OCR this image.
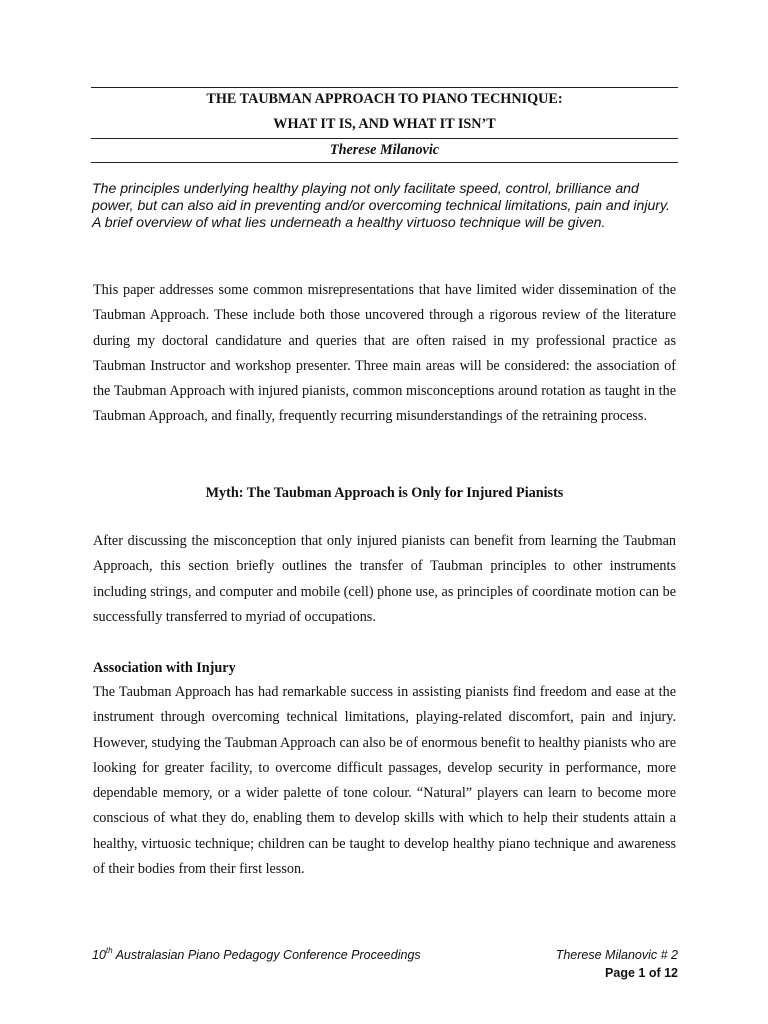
THE TAUBMAN APPROACH TO PIANO TECHNIQUE:
WHAT IT IS, AND WHAT IT ISN’T
Therese Milanovic
The principles underlying healthy playing not only facilitate speed, control, brilliance and power, but can also aid in preventing and/or overcoming technical limitations, pain and injury. A brief overview of what lies underneath a healthy virtuoso technique will be given.
This paper addresses some common misrepresentations that have limited wider dissemination of the Taubman Approach. These include both those uncovered through a rigorous review of the literature during my doctoral candidature and queries that are often raised in my professional practice as Taubman Instructor and workshop presenter. Three main areas will be considered: the association of the Taubman Approach with injured pianists, common misconceptions around rotation as taught in the Taubman Approach, and finally, frequently recurring misunderstandings of the retraining process.
Myth: The Taubman Approach is Only for Injured Pianists
After discussing the misconception that only injured pianists can benefit from learning the Taubman Approach, this section briefly outlines the transfer of Taubman principles to other instruments including strings, and computer and mobile (cell) phone use, as principles of coordinate motion can be successfully transferred to myriad of occupations.
Association with Injury
The Taubman Approach has had remarkable success in assisting pianists find freedom and ease at the instrument through overcoming technical limitations, playing-related discomfort, pain and injury. However, studying the Taubman Approach can also be of enormous benefit to healthy pianists who are looking for greater facility, to overcome difficult passages, develop security in performance, more dependable memory, or a wider palette of tone colour. “Natural” players can learn to become more conscious of what they do, enabling them to develop skills with which to help their students attain a healthy, virtuosic technique; children can be taught to develop healthy piano technique and awareness of their bodies from their first lesson.
10th Australasian Piano Pedagogy Conference Proceedings	Therese Milanovic # 2
Page 1 of 12
